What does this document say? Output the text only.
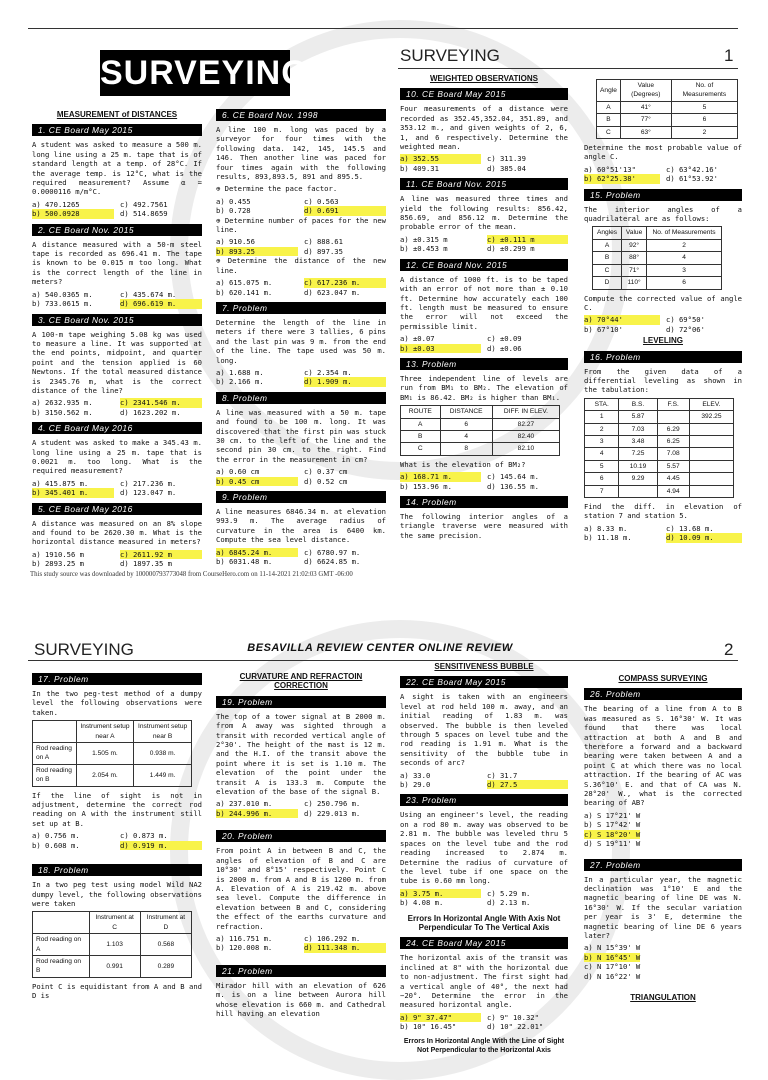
SURVEYING	SURVEYING	1
MEASUREMENT of DISTANCES
1. CE Board May 2015

A student was asked to measure a 500 m. long line using a 25 m. tape that is of standard length at a temp. of 28°C. If the average temp. is 12°C, what is the required measurement? Assume α = 0.0000116 m/m°C.

a) 470.1265	c) 492.7561
b) 500.0928	d) 514.8659
2. CE Board Nov. 2015

A distance measured with a 50-m steel tape is recorded as 696.41 m. The tape is known to be 0.015 m too long. What is the correct length of the line in meters?

a) 540.0365 m.	c) 435.674 m.
b) 733.0615 m.	d) 696.619 m.
3. CE Board Nov. 2015

A 100-m tape weighing 5.08 kg was used to measure a line. It was supported at the end points, midpoint, and quarter point and the tension applied is 60 Newtons. If the total measured distance is 2345.76 m, what is the correct distance of the line?

a) 2632.935 m.	c) 2341.546 m.
b) 3150.562 m.	d) 1623.202 m.
4. CE Board May 2016

A student was asked to make a 345.43 m. long line using a 25 m. tape that is 0.0021 m. too long. What is the required measurement?

a) 415.875 m.	c) 217.236 m.
b) 345.401 m.	d) 123.047 m.
5. CE Board May 2016

A distance was measured on an 8% slope and found to be 2620.30 m. What is the horizontal distance measured in meters?

a) 1910.56 m	c) 2611.92 m
b) 2893.25 m	d) 1897.35 m
6. CE Board Nov. 1998

A line 100 m. long was paced by a surveyor for four times with the following data. 142, 145, 145.5 and 146. Then another line was paced for four times again with the following results, 893,893.5, 891 and 895.5.

⊕ Determine the pace factor.

a) 0.455	c) 0.563
b) 0.728	d) 0.691

⊕ Determine number of paces for the new line.

a) 910.56	c) 888.61
b) 893.25	d) 897.35

⊕ Determine the distance of the new line.

a) 615.075 m.	c) 617.236 m.
b) 620.141 m.	d) 623.047 m.
7. Problem

Determine the length of the line in meters if there were 3 tallies, 6 pins and the last pin was 9 m. from the end of the line. The tape used was 50 m. long.

a) 1.688 m.	c) 2.354 m.
b) 2.166 m.	d) 1.909 m.
8. Problem

A line was measured with a 50 m. tape and found to be 100 m. long. It was discovered that the first pin was stuck 30 cm. to the left of the line and the second pin 30 cm. to the right. Find the error in the measurement in cm?

a) 0.60 cm	c) 0.37 cm
b) 0.45 cm	d) 0.52 cm
9. Problem

A line measures 6846.34 m. at elevation 993.9 m. The average radius of curvature in the area is 6400 km. Compute the sea level distance.

a) 6845.24 m.	c) 6780.97 m.
b) 6031.48 m.	d) 6624.85 m.
WEIGHTED OBSERVATIONS
10. CE Board May 2015

Four measurements of a distance were recorded as 352.45,352.04, 351.89, and 353.12 m., and given weights of 2, 6, 1, and 6 respectively. Determine the weighted mean.

a) 352.55	c) 311.39
b) 409.31	d) 385.04
11. CE Board Nov. 2015

A line was measured three times and yield the following results: 856.42, 856.69, and 856.12 m. Determine the probable error of the mean.

a) ±0.315 m	c) ±0.111 m
b) ±0.453 m	d) ±0.299 m
12. CE Board Nov. 2015

A distance of 1000 ft. is to be taped with an error of not more than ± 0.10 ft. Determine how accurately each 100 ft. length must be measured to ensure the error will not exceed the permissible limit.

a) ±0.07	c) ±0.09
b) ±0.03	d) ±0.06
13. Problem

Three independent line of levels are run from BM₁ to BM₂. The elevation of BM₁ is 86.42. BM₂ is higher than BM₁.

ROUTE	DISTANCE	DIFF. IN ELEV.
A	6	82.27
B	4	82.40
C	8	82.10

What is the elevation of BM₂?

a) 168.71 m.	c) 145.64 m.
b) 153.96 m.	d) 136.55 m.
14. Problem

The following interior angles of a triangle traverse were measured with the same precision.

Angle	Value (Degrees)	No. of Measurements
A	41°	5
B	77°	6
C	63°	2

Determine the most probable value of angle C.

a) 60°51'13"	c) 63°42.16'
b) 62°25.38'	d) 61°53.92'
15. Problem

The interior angles of a quadrilateral are as follows:

Angles	Value	No. of Measurements
A	92°	2
B	88°	4
C	71°	3
D	110°	6

Compute the corrected value of angle C.

a) 70°44'	c) 69°50'
b) 67°10'	d) 72°06'
LEVELING
16. Problem

From the given data of a differential leveling as shown in the tabulation:

STA.	B.S.	F.S.	ELEV.
1	5.87		392.25
2	7.03	6.29	
3	3.48	6.25	
4	7.25	7.08	
5	10.19	5.57	
6	9.29	4.45	
7		4.94	

Find the diff. in elevation of station 7 and station 5.

a) 8.33 m.	c) 13.68 m.
b) 11.18 m.	d) 10.09 m.
This study source was downloaded by 100000793773048 from CourseHero.com on 11-14-2021 21:02:03 GMT -06:00
SURVEYING	BESAVILLA REVIEW CENTER ONLINE REVIEW	2
17. Problem

In the two peg-test method of a dumpy level the following observations were taken.

	Instrument setup near A	Instrument setup near B
Rod reading on A	1.505 m.	0.938 m.
Rod reading on B	2.054 m.	1.449 m.

If the line of sight is not in adjustment, determine the correct rod reading on A with the instrument still set up at B.

a) 0.756 m.	c) 0.873 m.
b) 0.608 m.	d) 0.919 m.
18. Problem

In a two peg test using model Wild NA2 dumpy level, the following observations were taken

	Instrument at C	Instrument at D
Rod reading on A	1.103	0.568
Rod reading on B	0.991	0.289

Point C is equidistant from A and B and D is

CURVATURE AND REFRACTOIN CORRECTION
19. Problem

The top of a tower signal at B 2000 m. from A away was sighted through a transit with recorded vertical angle of 2°30'. The height of the mast is 12 m. and the H.I. of the transit above the point where it is set is 1.10 m. The elevation of the point under the transit A is 133.3 m. Compute the elevation of the base of the signal B.

a) 237.010 m.	c) 250.796 m.
b) 244.996 m.	d) 229.013 m.
20. Problem

From point A in between B and C, the angles of elevation of B and C are 10°30' and 8°15' respectively. Point C is 2000 m. from A and B is 1200 m. from A. Elevation of A is 219.42 m. above sea level. Compute the difference in elevation between B and C, considering the effect of the earths curvature and refraction.

a) 116.751 m.	c) 106.292 m.
b) 120.008 m.	d) 111.348 m.
21. Problem

Mirador hill with an elevation of 626 m. is on a line between Aurora hill whose elevation is 660 m. and Cathedral hill having an elevation

SENSITIVENESS BUBBLE
22. CE Board May 2015

A sight is taken with an engineers level at rod held 100 m. away, and an initial reading of 1.83 m. was observed. The bubble is then leveled through 5 spaces on level tube and the rod reading is 1.91 m. What is the sensitivity of the bubble tube in seconds of arc?

a) 33.0	c) 31.7
b) 29.0	d) 27.5
23. Problem

Using an engineer's level, the reading on a rod 80 m. away was observed to be 2.81 m. The bubble was leveled thru 5 spaces on the level tube and the rod reading increased to 2.874 m. Determine the radius of curvature of the level tube if one space on the tube is 0.60 mm long.

a) 3.75 m.	c) 5.29 m.
b) 4.08 m.	d) 2.13 m.
Errors In Horizontal Angle With Axis Not Perpendicular To The Vertical Axis
24. CE Board May 2015

The horizontal axis of the transit was inclined at 8" with the horizontal due to non-adjustment. The first sight had a vertical angle of 40°, the next had −20°. Determine the error in the measured horizontal angle.

a) 9" 37.47"	c) 9" 10.32"
b) 10" 16.45"	d) 10" 22.01"
Errors In Horizontal Angle With the Line of Sight Not Perpendicular to the Horizontal Axis
COMPASS SURVEYING
26. Problem

The bearing of a line from A to B was measured as S. 16°30' W. It was found that there was local attraction at both A and B and therefore a forward and a backward bearing were taken between A and a point C at which there was no local attraction. If the bearing of AC was S.36°10' E. and that of CA was N. 28°20' W., what is the corrected bearing of AB?

a) S 17°21' W
b) S 17°42' W
c) S 18°20' W
d) S 19°11' W
27. Problem

In a particular year, the magnetic declination was 1°10' E and the magnetic bearing of line DE was N. 16°30' W. If the secular variation per year is 3' E, determine the magnetic bearing of line DE 6 years later?

a) N 15°39' W
b) N 16°45' W
c) N 17°10' W
d) N 16°22' W
TRIANGULATION
